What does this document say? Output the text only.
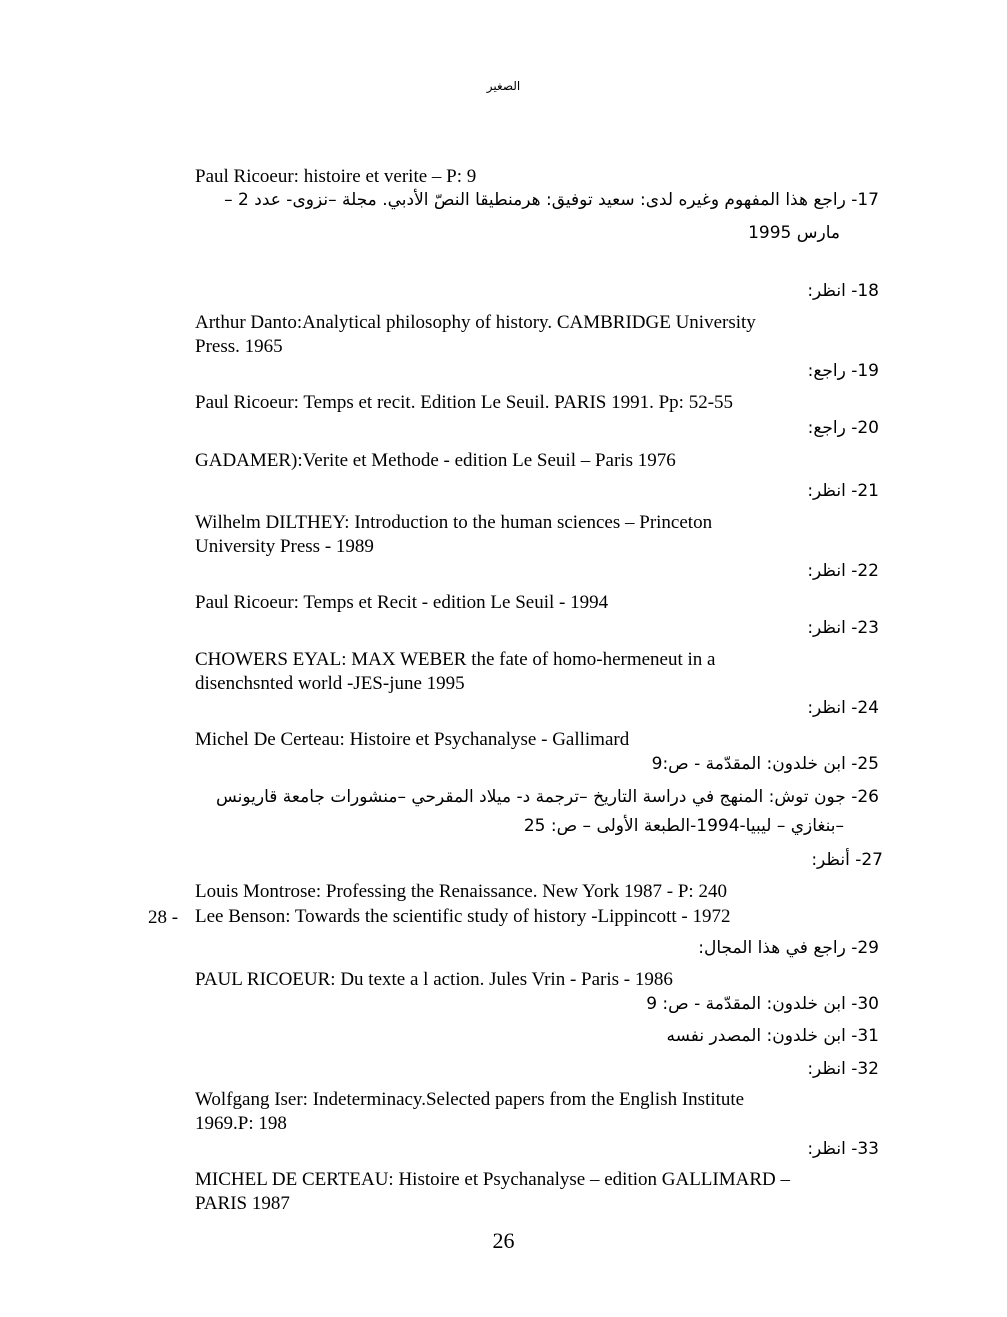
الصغير
Paul Ricoeur: histoire et verite – P: 9
17- راجع هذا المفهوم وغيره لدى: سعيد توفيق: هرمنطيقا النصّ الأدبي. مجلة –نزوى- عدد 2 –
مارس 1995
18- انظر:
Arthur Danto:Analytical philosophy of history. CAMBRIDGE University
Press. 1965
19- راجع:
Paul Ricoeur: Temps et recit. Edition Le Seuil. PARIS 1991. Pp: 52-55
20- راجع:
GADAMER):Verite et Methode - edition Le Seuil – Paris 1976
21- انظر:
Wilhelm DILTHEY: Introduction to the human sciences – Princeton
University Press - 1989
22- انظر:
Paul Ricoeur: Temps et Recit - edition Le Seuil - 1994
23- انظر:
CHOWERS EYAL: MAX WEBER the fate of homo-hermeneut in a
disenchsnted world -JES-june 1995
24- انظر:
Michel De Certeau: Histoire et Psychanalyse - Gallimard
25- ابن خلدون: المقدّمة - ص:9
26- جون توش: المنهج في دراسة التاريخ –ترجمة د- ميلاد المقرحي –منشورات جامعة قاريونس
–بنغازي – ليبيا-1994-الطبعة الأولى – ص: 25
27- أنظر:
Louis Montrose: Professing the Renaissance. New York 1987 - P: 240
28 - Lee Benson: Towards the scientific study of history -Lippincott - 1972
29- راجع في هذا المجال:
PAUL RICOEUR: Du texte a l action. Jules Vrin - Paris - 1986
30- ابن خلدون: المقدّمة - ص: 9
31- ابن خلدون: المصدر نفسه
32- انظر:
Wolfgang Iser: Indeterminacy.Selected papers from the English Institute
1969.P: 198
33- انظر:
MICHEL DE CERTEAU: Histoire et Psychanalyse – edition GALLIMARD –
PARIS 1987
26
